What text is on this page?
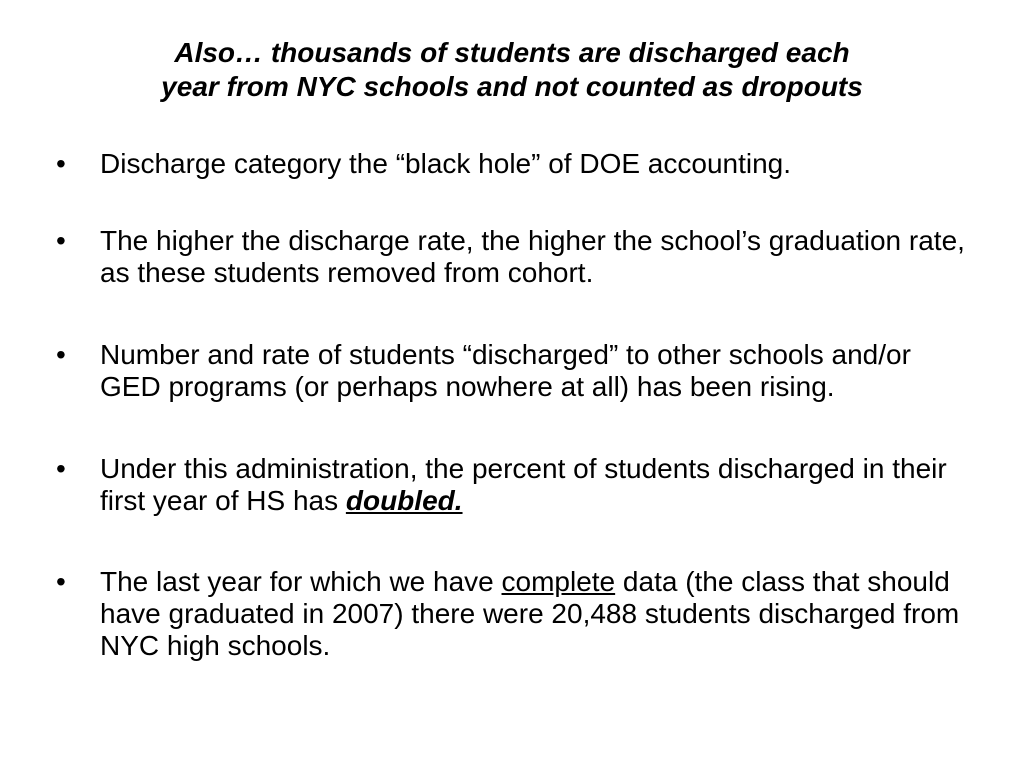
Also… thousands of students are discharged each
year from NYC schools and not counted as dropouts
•	Discharge category the “black hole” of DOE accounting.
•	The higher the discharge rate, the higher the school’s graduation rate, as these students removed from cohort.
•	Number and rate of students “discharged” to other schools and/or GED programs (or perhaps nowhere at all) has been rising.
•	Under this administration, the percent of students discharged in their first year of HS has doubled.
•	The last year for which we have complete data (the class that should have graduated in 2007) there were 20,488 students discharged from NYC high schools.
